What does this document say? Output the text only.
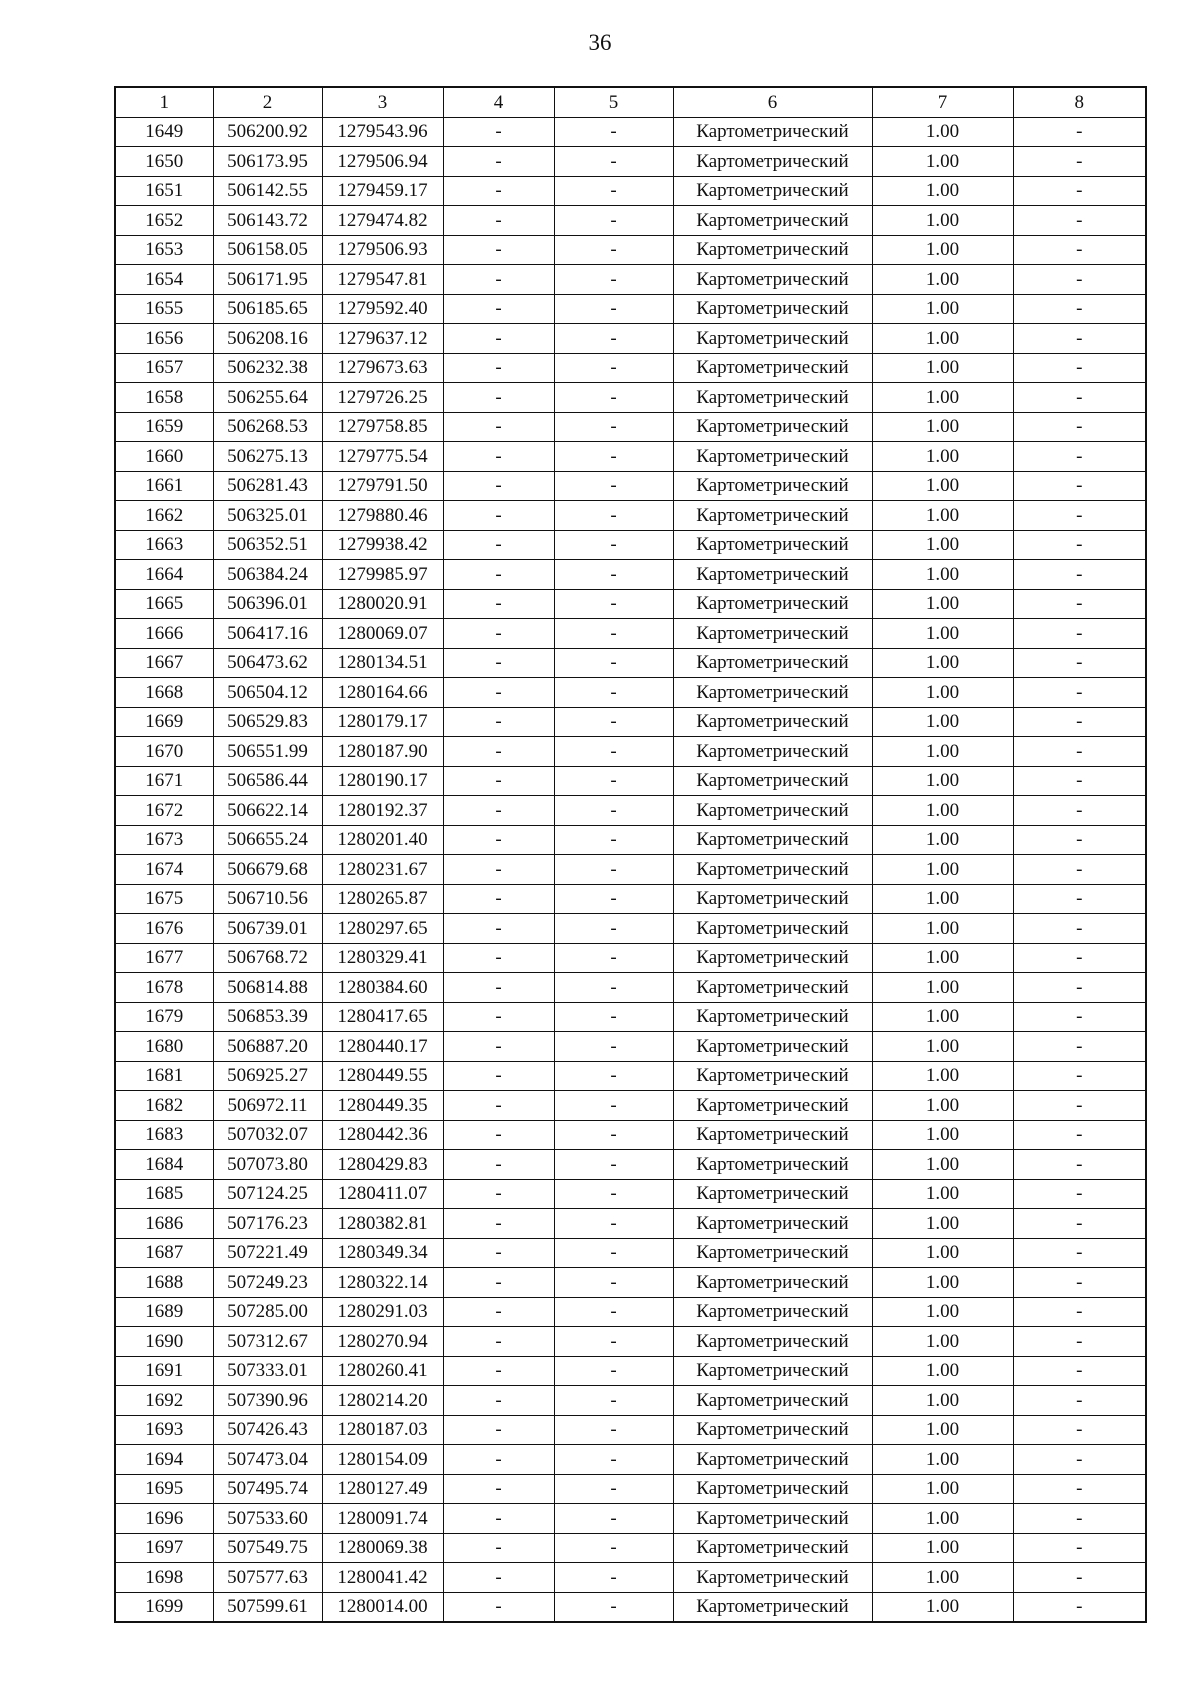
36
1	2	3	4	5	6	7	8
1649	506200.92	1279543.96	-	-	Картометрический	1.00	-
1650	506173.95	1279506.94	-	-	Картометрический	1.00	-
1651	506142.55	1279459.17	-	-	Картометрический	1.00	-
1652	506143.72	1279474.82	-	-	Картометрический	1.00	-
1653	506158.05	1279506.93	-	-	Картометрический	1.00	-
1654	506171.95	1279547.81	-	-	Картометрический	1.00	-
1655	506185.65	1279592.40	-	-	Картометрический	1.00	-
1656	506208.16	1279637.12	-	-	Картометрический	1.00	-
1657	506232.38	1279673.63	-	-	Картометрический	1.00	-
1658	506255.64	1279726.25	-	-	Картометрический	1.00	-
1659	506268.53	1279758.85	-	-	Картометрический	1.00	-
1660	506275.13	1279775.54	-	-	Картометрический	1.00	-
1661	506281.43	1279791.50	-	-	Картометрический	1.00	-
1662	506325.01	1279880.46	-	-	Картометрический	1.00	-
1663	506352.51	1279938.42	-	-	Картометрический	1.00	-
1664	506384.24	1279985.97	-	-	Картометрический	1.00	-
1665	506396.01	1280020.91	-	-	Картометрический	1.00	-
1666	506417.16	1280069.07	-	-	Картометрический	1.00	-
1667	506473.62	1280134.51	-	-	Картометрический	1.00	-
1668	506504.12	1280164.66	-	-	Картометрический	1.00	-
1669	506529.83	1280179.17	-	-	Картометрический	1.00	-
1670	506551.99	1280187.90	-	-	Картометрический	1.00	-
1671	506586.44	1280190.17	-	-	Картометрический	1.00	-
1672	506622.14	1280192.37	-	-	Картометрический	1.00	-
1673	506655.24	1280201.40	-	-	Картометрический	1.00	-
1674	506679.68	1280231.67	-	-	Картометрический	1.00	-
1675	506710.56	1280265.87	-	-	Картометрический	1.00	-
1676	506739.01	1280297.65	-	-	Картометрический	1.00	-
1677	506768.72	1280329.41	-	-	Картометрический	1.00	-
1678	506814.88	1280384.60	-	-	Картометрический	1.00	-
1679	506853.39	1280417.65	-	-	Картометрический	1.00	-
1680	506887.20	1280440.17	-	-	Картометрический	1.00	-
1681	506925.27	1280449.55	-	-	Картометрический	1.00	-
1682	506972.11	1280449.35	-	-	Картометрический	1.00	-
1683	507032.07	1280442.36	-	-	Картометрический	1.00	-
1684	507073.80	1280429.83	-	-	Картометрический	1.00	-
1685	507124.25	1280411.07	-	-	Картометрический	1.00	-
1686	507176.23	1280382.81	-	-	Картометрический	1.00	-
1687	507221.49	1280349.34	-	-	Картометрический	1.00	-
1688	507249.23	1280322.14	-	-	Картометрический	1.00	-
1689	507285.00	1280291.03	-	-	Картометрический	1.00	-
1690	507312.67	1280270.94	-	-	Картометрический	1.00	-
1691	507333.01	1280260.41	-	-	Картометрический	1.00	-
1692	507390.96	1280214.20	-	-	Картометрический	1.00	-
1693	507426.43	1280187.03	-	-	Картометрический	1.00	-
1694	507473.04	1280154.09	-	-	Картометрический	1.00	-
1695	507495.74	1280127.49	-	-	Картометрический	1.00	-
1696	507533.60	1280091.74	-	-	Картометрический	1.00	-
1697	507549.75	1280069.38	-	-	Картометрический	1.00	-
1698	507577.63	1280041.42	-	-	Картометрический	1.00	-
1699	507599.61	1280014.00	-	-	Картометрический	1.00	-
